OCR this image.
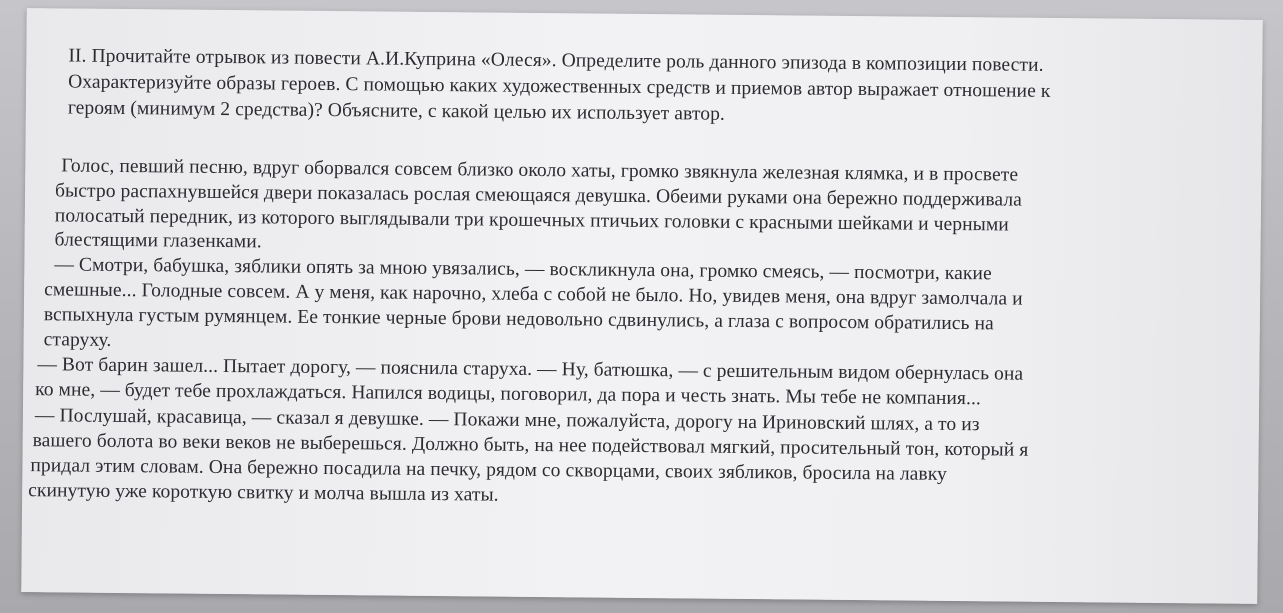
II. Прочитайте отрывок из повести А.И.Куприна «Олеся». Определите роль данного эпизода в композиции повести.
Охарактеризуйте образы героев. С помощью каких художественных средств и приемов автор выражает отношение к
героям (минимум 2 средства)? Объясните, с какой целью их использует автор.
Голос, певший песню, вдруг оборвался совсем близко около хаты, громко звякнула железная клямка, и в просвете
быстро распахнувшейся двери показалась рослая смеющаяся девушка. Обеими руками она бережно поддерживала
полосатый передник, из которого выглядывали три крошечных птичьих головки с красными шейками и черными
блестящими глазенками.
— Смотри, бабушка, зяблики опять за мною увязались, — воскликнула она, громко смеясь, — посмотри, какие
смешные... Голодные совсем. А у меня, как нарочно, хлеба с собой не было. Но, увидев меня, она вдруг замолчала и
вспыхнула густым румянцем. Ее тонкие черные брови недовольно сдвинулись, а глаза с вопросом обратились на
старуху.
— Вот барин зашел... Пытает дорогу, — пояснила старуха. — Ну, батюшка, — с решительным видом обернулась она
ко мне, — будет тебе прохлаждаться. Напился водицы, поговорил, да пора и честь знать. Мы тебе не компания...
— Послушай, красавица, — сказал я девушке. — Покажи мне, пожалуйста, дорогу на Ириновский шлях, а то из
вашего болота во веки веков не выберешься. Должно быть, на нее подействовал мягкий, просительный тон, который я
придал этим словам. Она бережно посадила на печку, рядом со скворцами, своих зябликов, бросила на лавку
скинутую уже короткую свитку и молча вышла из хаты.
